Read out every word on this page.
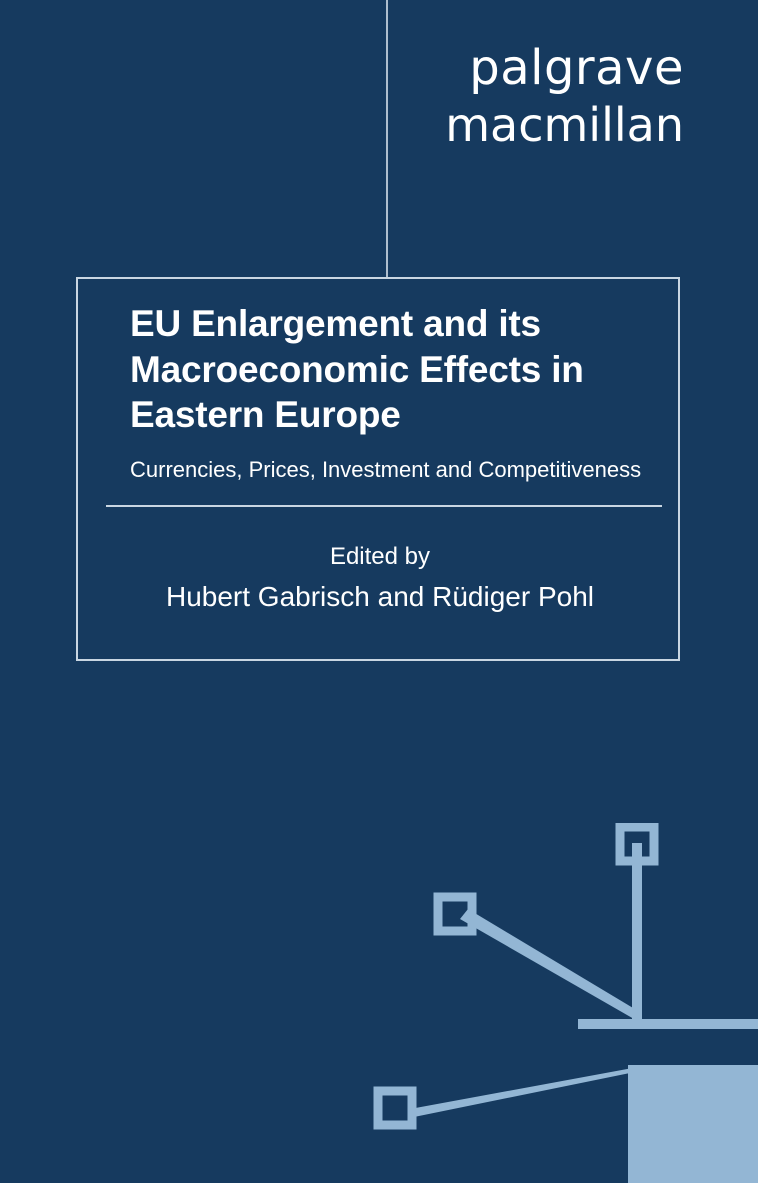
palgrave
macmillan
EU Enlargement and its Macroeconomic Effects in Eastern Europe

Currencies, Prices, Investment and Competitiveness

Edited by
Hubert Gabrisch and Rüdiger Pohl
